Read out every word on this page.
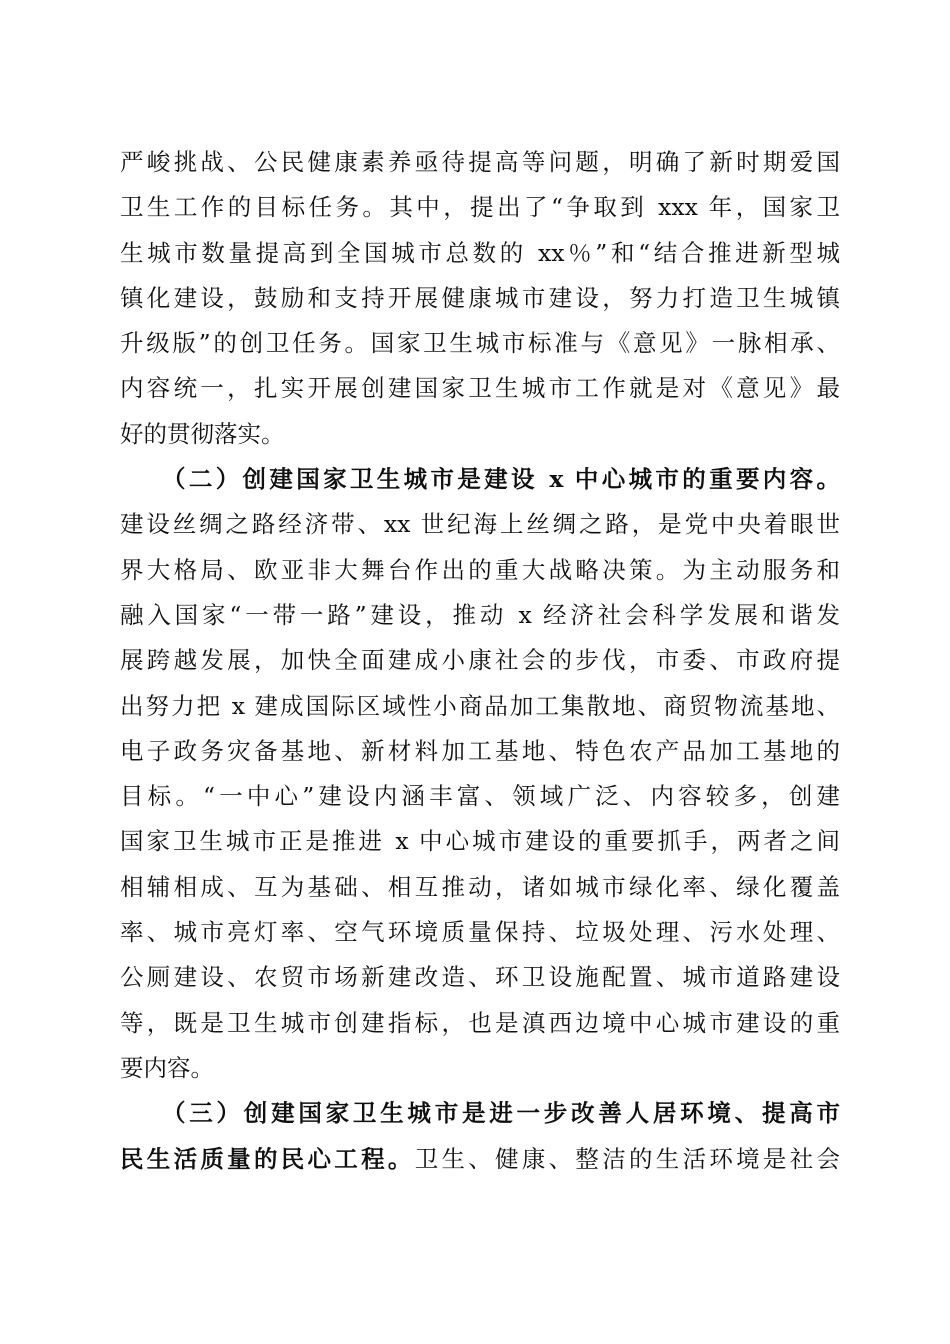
严峻挑战、公民健康素养亟待提高等问题，明确了新时期爱国
卫生工作的目标任务。其中，提出了“争取到 xxx 年，国家卫
生城市数量提高到全国城市总数的 xx％”和“结合推进新型城
镇化建设，鼓励和支持开展健康城市建设，努力打造卫生城镇
升级版”的创卫任务。国家卫生城市标准与《意见》一脉相承、
内容统一，扎实开展创建国家卫生城市工作就是对《意见》最
好的贯彻落实。
（二）创建国家卫生城市是建设 x 中心城市的重要内容。
建设丝绸之路经济带、xx 世纪海上丝绸之路，是党中央着眼世
界大格局、欧亚非大舞台作出的重大战略决策。为主动服务和
融入国家“一带一路”建设，推动 x 经济社会科学发展和谐发
展跨越发展，加快全面建成小康社会的步伐，市委、市政府提
出努力把 x 建成国际区域性小商品加工集散地、商贸物流基地、
电子政务灾备基地、新材料加工基地、特色农产品加工基地的
目标。“一中心”建设内涵丰富、领域广泛、内容较多，创建
国家卫生城市正是推进 x 中心城市建设的重要抓手，两者之间
相辅相成、互为基础、相互推动，诸如城市绿化率、绿化覆盖
率、城市亮灯率、空气环境质量保持、垃圾处理、污水处理、
公厕建设、农贸市场新建改造、环卫设施配置、城市道路建设
等，既是卫生城市创建指标，也是滇西边境中心城市建设的重
要内容。
（三）创建国家卫生城市是进一步改善人居环境、提高市
民生活质量的民心工程。卫生、健康、整洁的生活环境是社会
